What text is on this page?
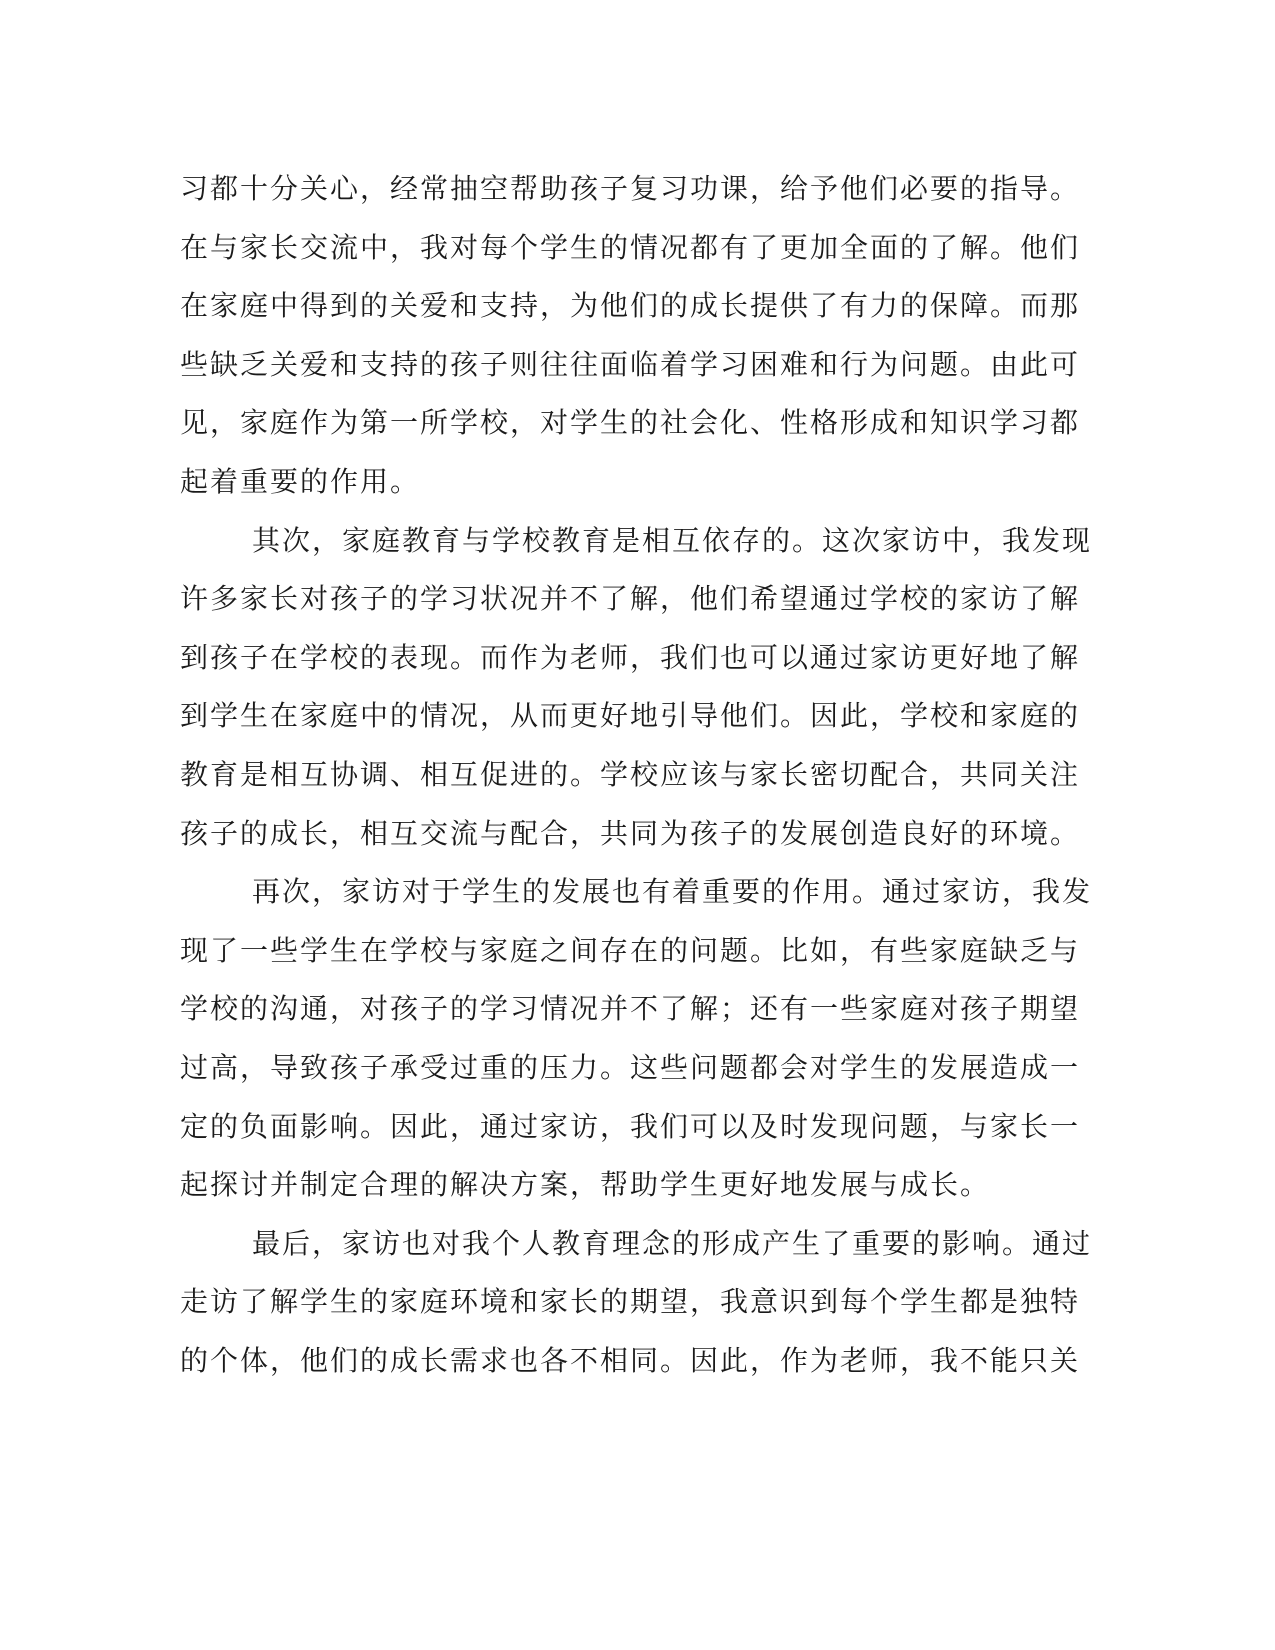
习都十分关心，经常抽空帮助孩子复习功课，给予他们必要的指导。
在与家长交流中，我对每个学生的情况都有了更加全面的了解。他们
在家庭中得到的关爱和支持，为他们的成长提供了有力的保障。而那
些缺乏关爱和支持的孩子则往往面临着学习困难和行为问题。由此可
见，家庭作为第一所学校，对学生的社会化、性格形成和知识学习都
起着重要的作用。
其次，家庭教育与学校教育是相互依存的。这次家访中，我发现
许多家长对孩子的学习状况并不了解，他们希望通过学校的家访了解
到孩子在学校的表现。而作为老师，我们也可以通过家访更好地了解
到学生在家庭中的情况，从而更好地引导他们。因此，学校和家庭的
教育是相互协调、相互促进的。学校应该与家长密切配合，共同关注
孩子的成长，相互交流与配合，共同为孩子的发展创造良好的环境。
再次，家访对于学生的发展也有着重要的作用。通过家访，我发
现了一些学生在学校与家庭之间存在的问题。比如，有些家庭缺乏与
学校的沟通，对孩子的学习情况并不了解；还有一些家庭对孩子期望
过高，导致孩子承受过重的压力。这些问题都会对学生的发展造成一
定的负面影响。因此，通过家访，我们可以及时发现问题，与家长一
起探讨并制定合理的解决方案，帮助学生更好地发展与成长。
最后，家访也对我个人教育理念的形成产生了重要的影响。通过
走访了解学生的家庭环境和家长的期望，我意识到每个学生都是独特
的个体，他们的成长需求也各不相同。因此，作为老师，我不能只关
